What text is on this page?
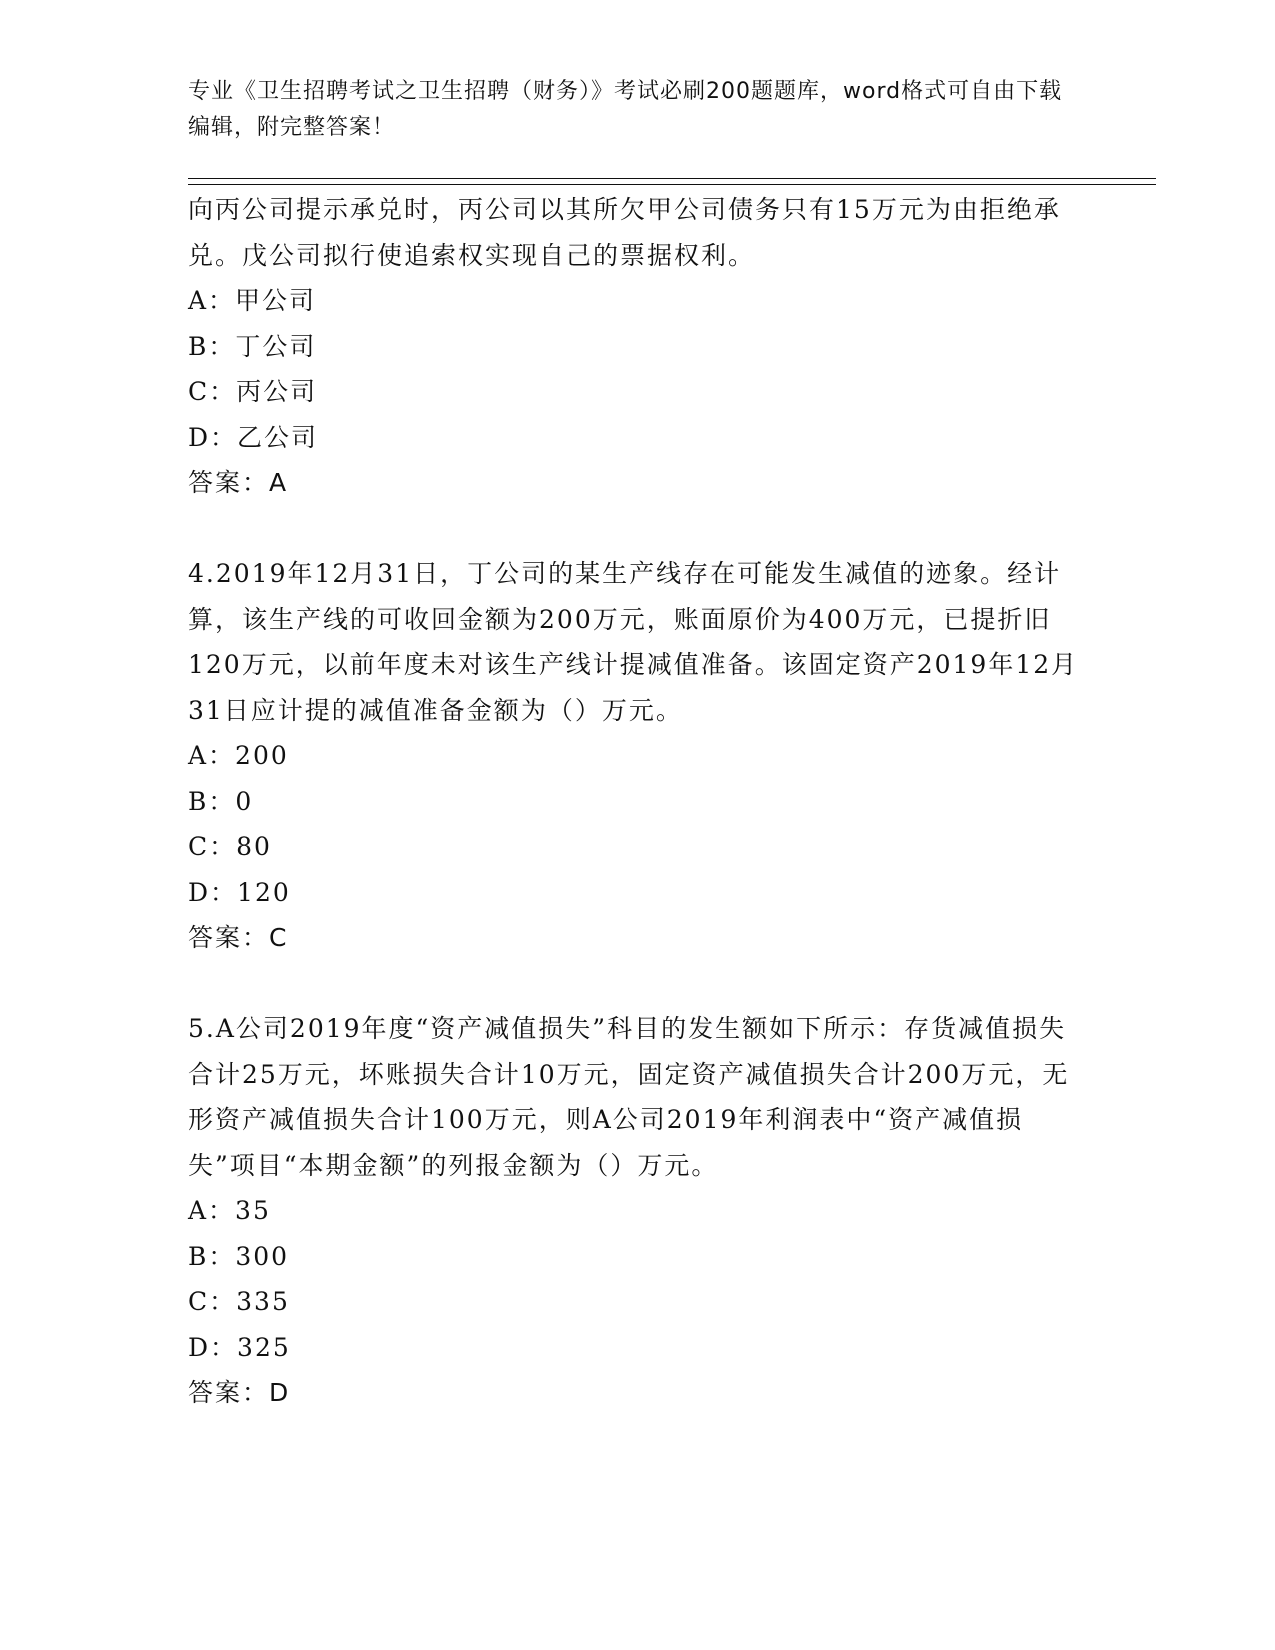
专业《卫生招聘考试之卫生招聘（财务）》考试必刷200题题库，word格式可自由下载编辑，附完整答案！

向丙公司提示承兑时，丙公司以其所欠甲公司债务只有15万元为由拒绝承兑。戊公司拟行使追索权实现自己的票据权利。

A：甲公司

B：丁公司

C：丙公司

D：乙公司

答案：A

4.2019年12月31日，丁公司的某生产线存在可能发生减值的迹象。经计算，该生产线的可收回金额为200万元，账面原价为400万元，已提折旧120万元，以前年度未对该生产线计提减值准备。该固定资产2019年12月31日应计提的减值准备金额为（）万元。

A：200

B：0

C：80

D：120

答案：C

5.A公司2019年度“资产减值损失”科目的发生额如下所示：存货减值损失合计25万元，坏账损失合计10万元，固定资产减值损失合计200万元，无形资产减值损失合计100万元，则A公司2019年利润表中“资产减值损失”项目“本期金额”的列报金额为（）万元。

A：35

B：300

C：335

D：325

答案：D
